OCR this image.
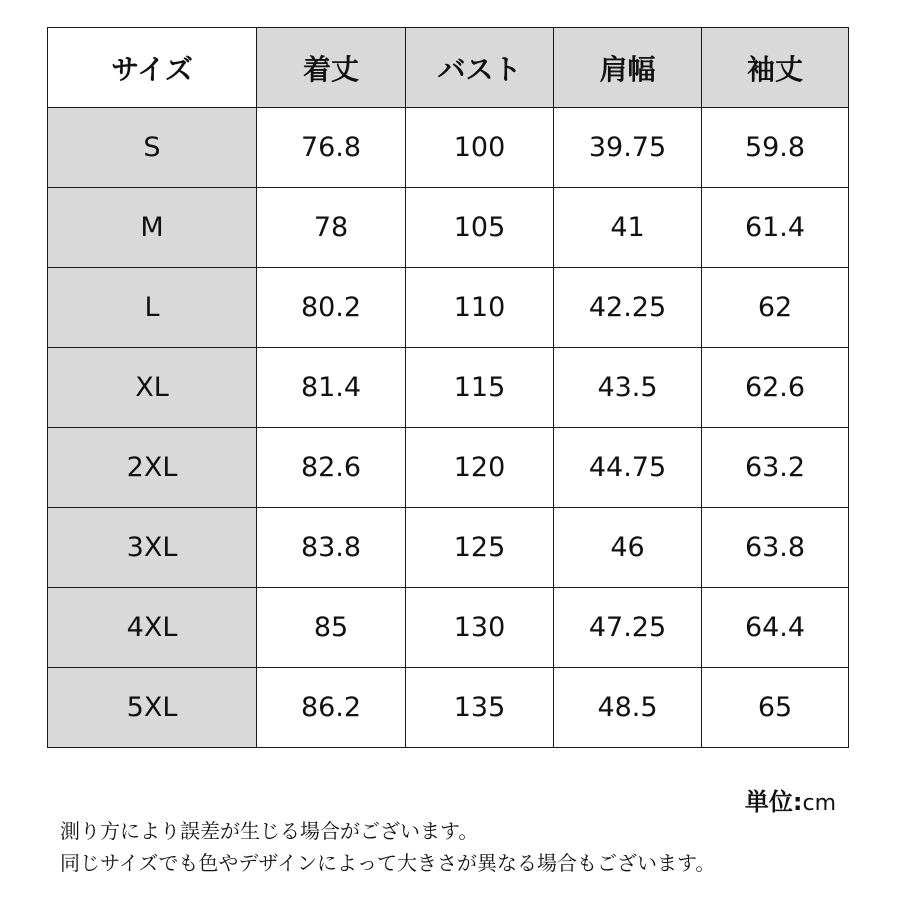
サイズ	着丈	バスト	肩幅	袖丈
S	76.8	100	39.75	59.8
M	78	105	41	61.4
L	80.2	110	42.25	62
XL	81.4	115	43.5	62.6
2XL	82.6	120	44.75	63.2
3XL	83.8	125	46	63.8
4XL	85	130	47.25	64.4
5XL	86.2	135	48.5	65
単位:cm
測り方により誤差が生じる場合がございます。
同じサイズでも色やデザインによって大きさが異なる場合もございます。
